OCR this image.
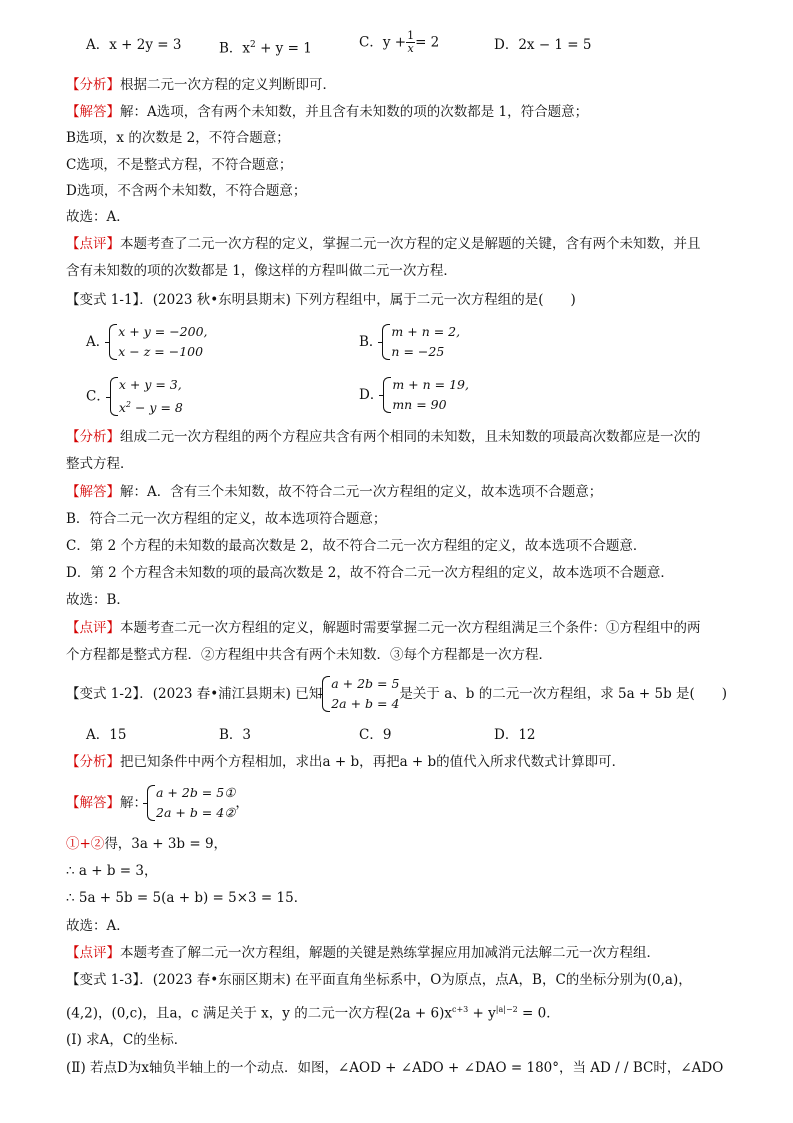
A．x + 2y = 3	B．$x^2 + y = 1$	C．$y + \frac{1}{x} = 2$	D．2x − 1 = 5
【分析】根据二元一次方程的定义判断即可．
【解答】解：A选项，含有两个未知数，并且含有未知数的项的次数都是 1，符合题意；
B选项，x 的次数是 2，不符合题意；
C选项，不是整式方程，不符合题意；
D选项，不含两个未知数，不符合题意；
故选：A．
【点评】本题考查了二元一次方程的定义，掌握二元一次方程的定义是解题的关键，含有两个未知数，并且
含有未知数的项的次数都是 1，像这样的方程叫做二元一次方程．
【变式 1-1】．(2023 秋•东明县期末) 下列方程组中，属于二元一次方程组的是(　　)
A．
x + y = −200,
x − z = −100
B．
m + n = 2,
n = −25
C．
x + y = 3,
$x^2 - y = 8$
D．
m + n = 19,
mn = 90
【分析】组成二元一次方程组的两个方程应共含有两个相同的未知数，且未知数的项最高次数都应是一次的
整式方程．
【解答】解：A．含有三个未知数，故不符合二元一次方程组的定义，故本选项不合题意；
B．符合二元一次方程组的定义，故本选项符合题意；
C．第 2 个方程的未知数的最高次数是 2，故不符合二元一次方程组的定义，故本选项不合题意．
D．第 2 个方程含未知数的项的最高次数是 2，故不符合二元一次方程组的定义，故本选项不合题意．
故选：B．
【点评】本题考查二元一次方程组的定义，解题时需要掌握二元一次方程组满足三个条件：①方程组中的两
个方程都是整式方程．②方程组中共含有两个未知数．③每个方程都是一次方程．
【变式 1-2】．(2023 春•浦江县期末) 已知
a + 2b = 5
2a + b = 4
是关于 a、b 的二元一次方程组，求 5a + 5b 是(　　)
A．15	B．3	C．9	D．12
【分析】把已知条件中两个方程相加，求出a + b，再把a + b的值代入所求代数式计算即可．
【解答】解：
a + 2b = 5①
2a + b = 4②
，
①+②得，3a + 3b = 9，
∴ a + b = 3，
∴ 5a + 5b = 5(a + b) = 5×3 = 15．
故选：A．
【点评】本题考查了解二元一次方程组，解题的关键是熟练掌握应用加减消元法解二元一次方程组．
【变式 1-3】．(2023 春•东丽区期末) 在平面直角坐标系中，O为原点，点A，B，C的坐标分别为(0,a)，
(4,2)，(0,c)，且a，c 满足关于 x，y 的二元一次方程$(2a + 6)x^{c+3} + y^{|a|-2} = 0$．
(Ⅰ) 求A，C的坐标．
(Ⅱ) 若点D为x轴负半轴上的一个动点．如图，∠AOD + ∠ADO + ∠DAO = 180°，当 AD / / BC时，∠ADO
